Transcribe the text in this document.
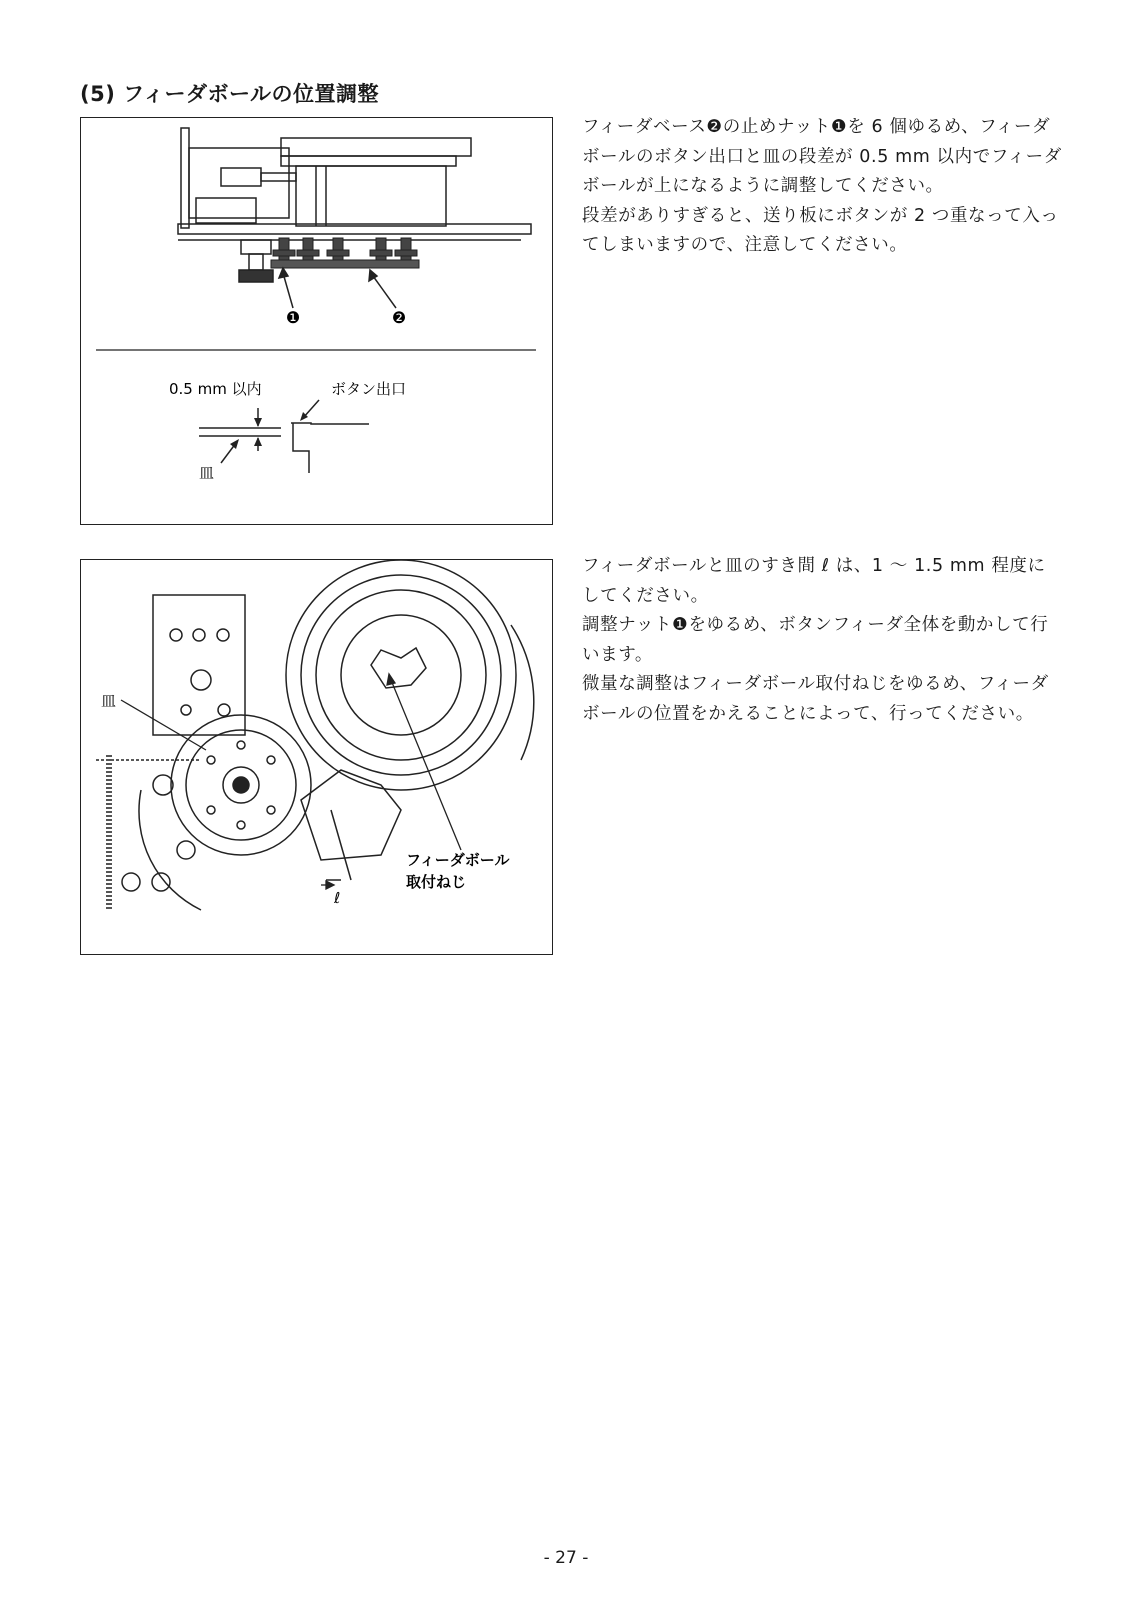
(5) フィーダボールの位置調整
❶	❷
0.5 mm 以内	ボタン出口
皿

フィーダベース❷の止めナット❶を 6 個ゆるめ、フィーダボールのボタン出口と皿の段差が 0.5 mm 以内でフィーダボールが上になるように調整してください。

段差がありすぎると、送り板にボタンが 2 つ重なって入ってしまいますので、注意してください。

皿
フィーダボール
取付ねじ
ℓ

フィーダボールと皿のすき間 ℓ は、1 ～ 1.5 mm 程度にしてください。

調整ナット❶をゆるめ、ボタンフィーダ全体を動かして行います。

微量な調整はフィーダボール取付ねじをゆるめ、フィーダボールの位置をかえることによって、行ってください。

- 27 -
